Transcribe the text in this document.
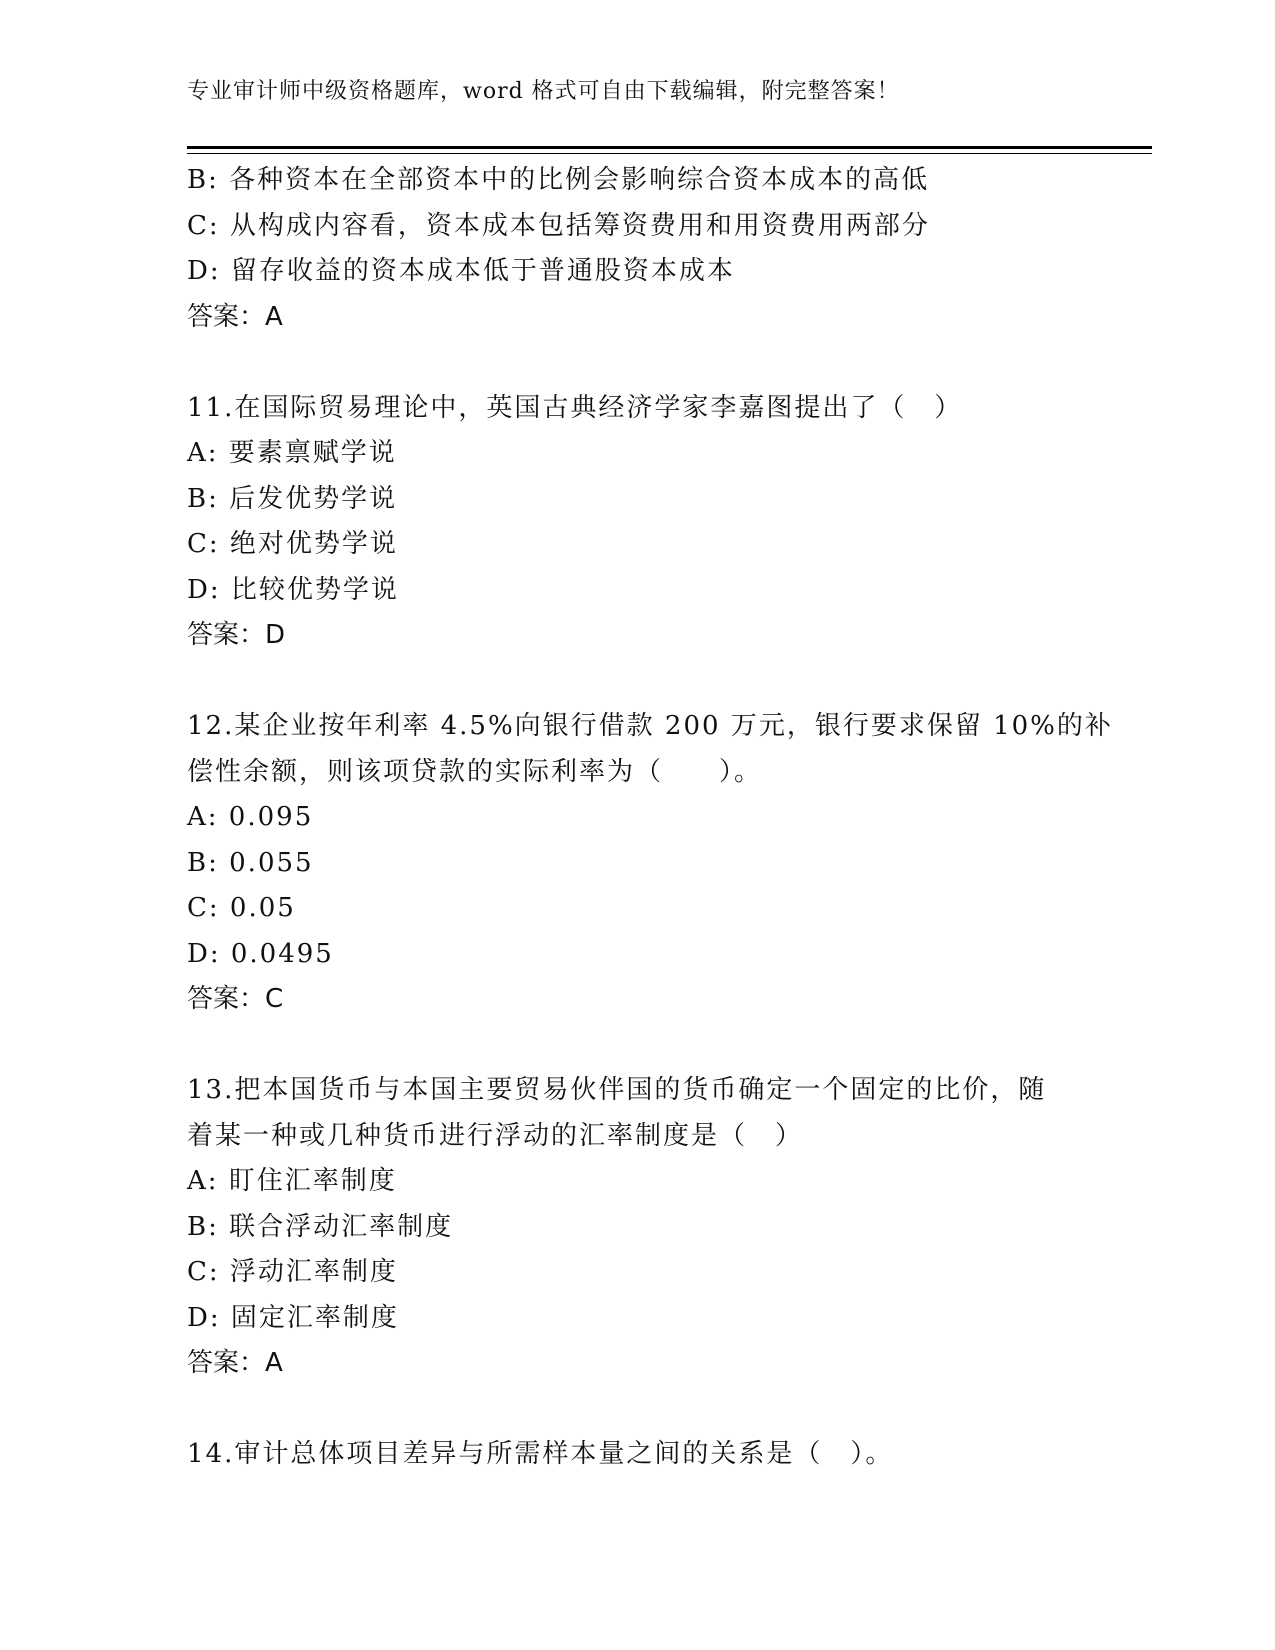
专业审计师中级资格题库，word 格式可自由下载编辑，附完整答案！
B: 各种资本在全部资本中的比例会影响综合资本成本的高低
C: 从构成内容看，资本成本包括筹资费用和用资费用两部分
D: 留存收益的资本成本低于普通股资本成本
答案：A
11.在国际贸易理论中，英国古典经济学家李嘉图提出了（　）
A: 要素禀赋学说
B: 后发优势学说
C: 绝对优势学说
D: 比较优势学说
答案：D
12.某企业按年利率 4.5%向银行借款 200 万元，银行要求保留 10%的补
偿性余额，则该项贷款的实际利率为（　　）。
A: 0.095
B: 0.055
C: 0.05
D: 0.0495
答案：C
13.把本国货币与本国主要贸易伙伴国的货币确定一个固定的比价，随
着某一种或几种货币进行浮动的汇率制度是（　）
A: 盯住汇率制度
B: 联合浮动汇率制度
C: 浮动汇率制度
D: 固定汇率制度
答案：A
14.审计总体项目差异与所需样本量之间的关系是（　）。
